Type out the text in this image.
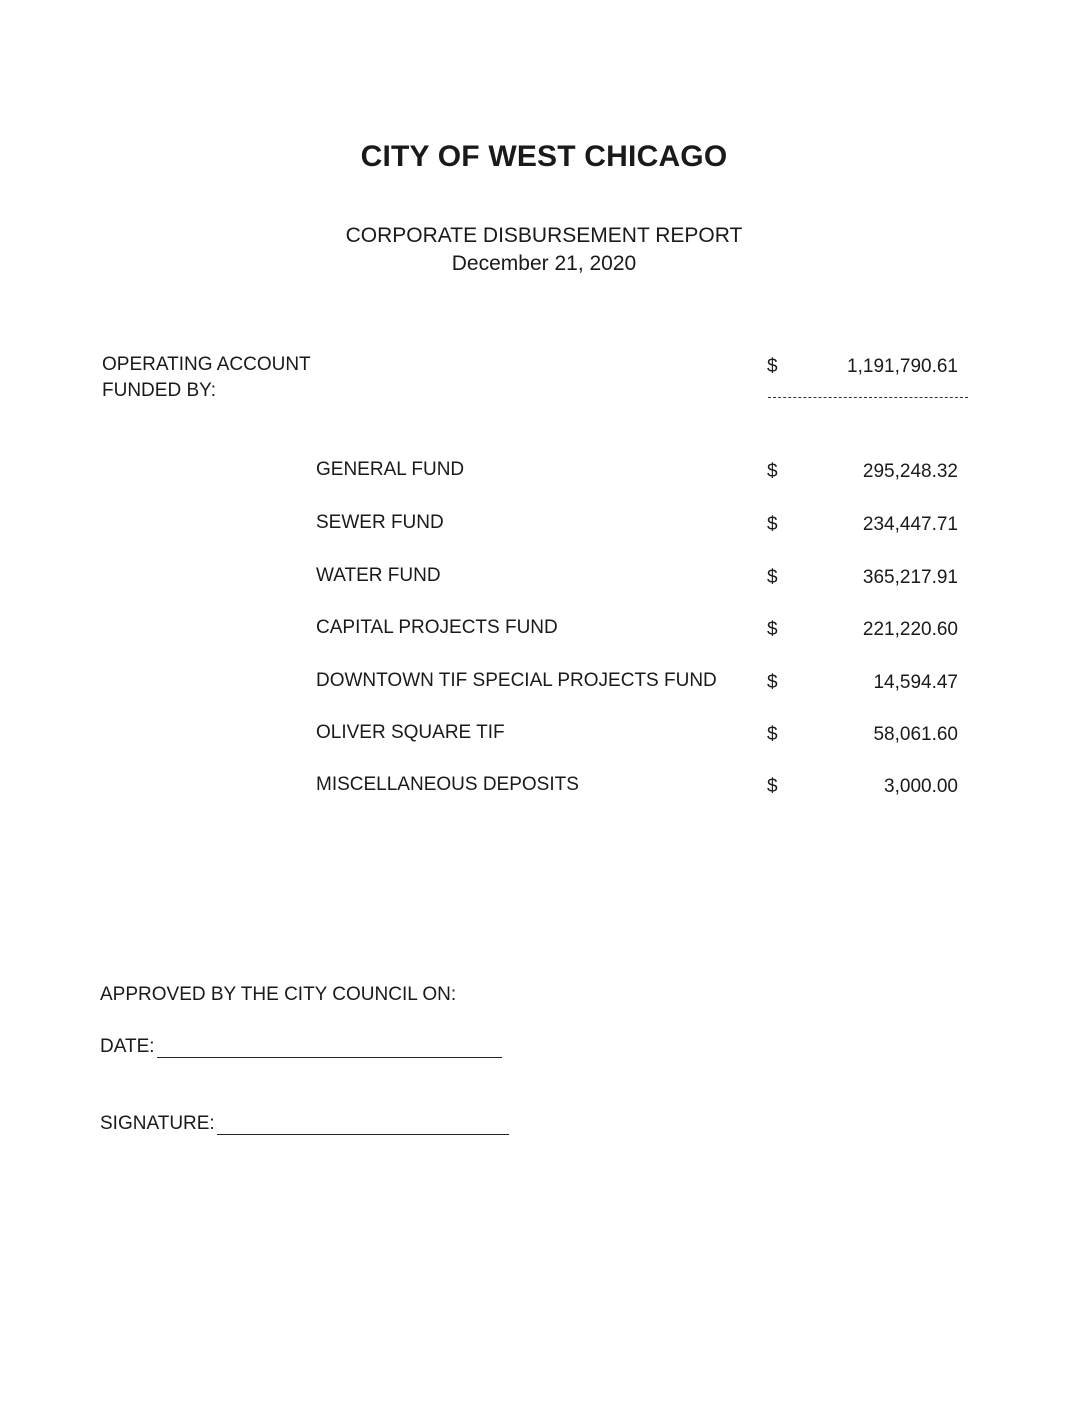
CITY OF WEST CHICAGO
CORPORATE DISBURSEMENT REPORT
December 21, 2020
OPERATING ACCOUNT
FUNDED BY:
$	1,191,790.61
GENERAL FUND	$	295,248.32
SEWER FUND	$	234,447.71
WATER FUND	$	365,217.91
CAPITAL PROJECTS FUND	$	221,220.60
DOWNTOWN TIF SPECIAL PROJECTS FUND	$	14,594.47
OLIVER SQUARE TIF	$	58,061.60
MISCELLANEOUS DEPOSITS	$	3,000.00
APPROVED BY THE CITY COUNCIL ON:
DATE:
SIGNATURE:
